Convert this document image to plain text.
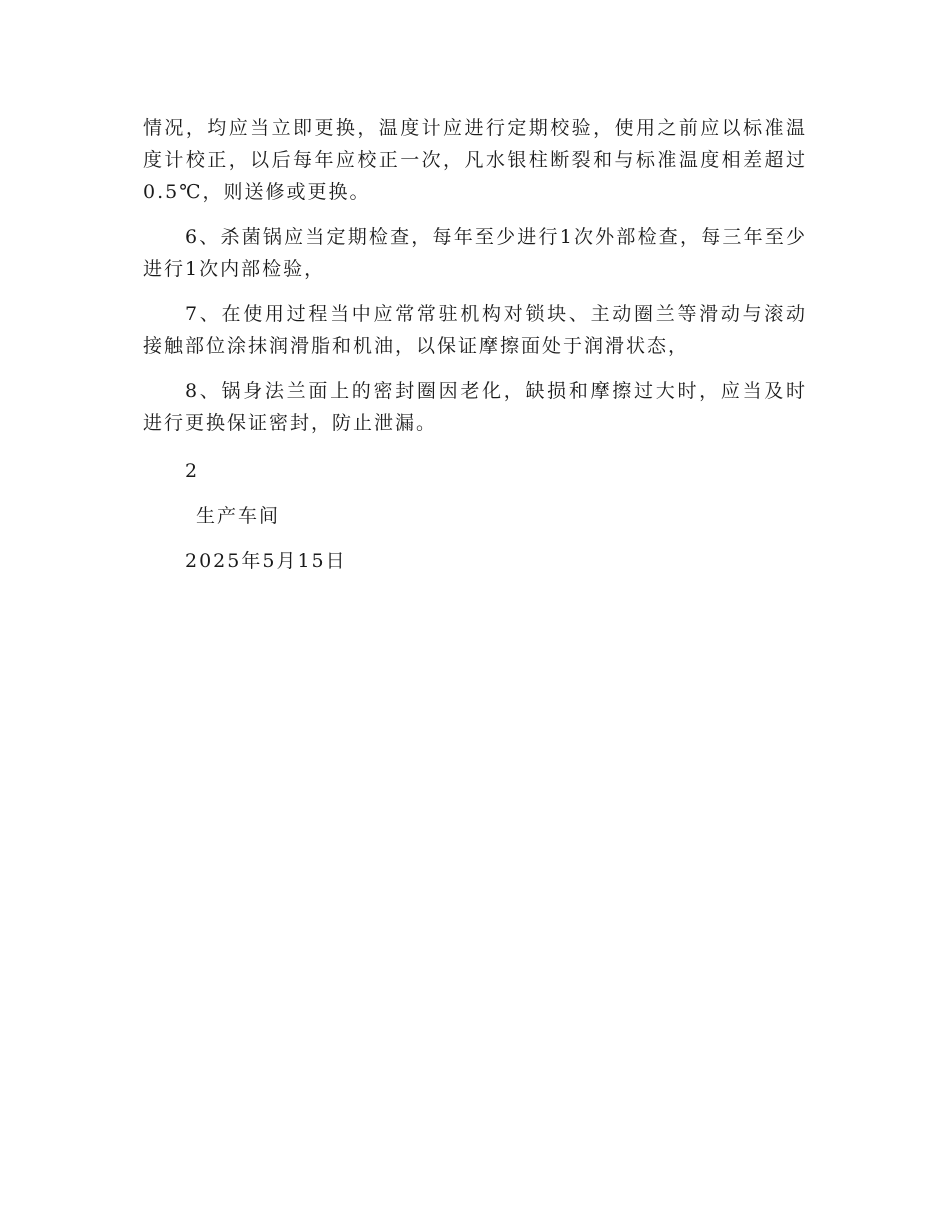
情况，均应当立即更换，温度计应进行定期校验，使用之前应以标准温度计校正，以后每年应校正一次，凡水银柱断裂和与标准温度相差超过0.5℃，则送修或更换。

6、杀菌锅应当定期检查，每年至少进行1次外部检查，每三年至少进行1次内部检验，

7、在使用过程当中应常常驻机构对锁块、主动圈兰等滑动与滚动接触部位涂抹润滑脂和机油，以保证摩擦面处于润滑状态，

8、锅身法兰面上的密封圈因老化，缺损和摩擦过大时，应当及时进行更换保证密封，防止泄漏。

2
生产车间
2025年5月15日
